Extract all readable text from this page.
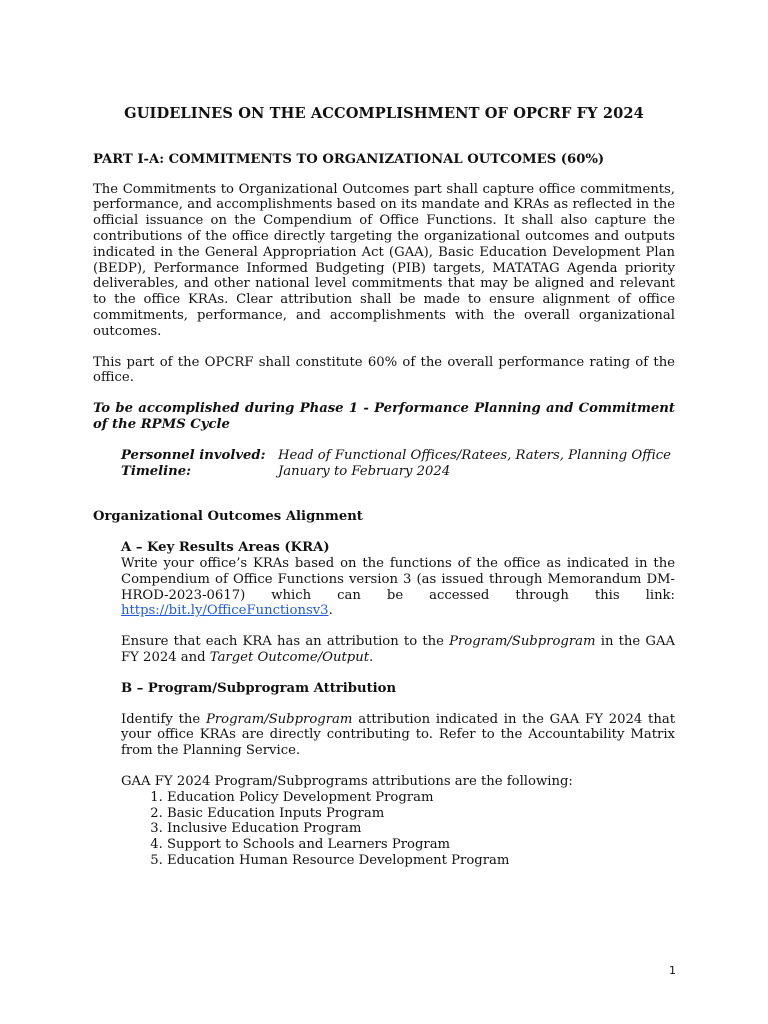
GUIDELINES ON THE ACCOMPLISHMENT OF OPCRF FY 2024
PART I-A: COMMITMENTS TO ORGANIZATIONAL OUTCOMES (60%)

The Commitments to Organizational Outcomes part shall capture office commitments, performance, and accomplishments based on its mandate and KRAs as reflected in the official issuance on the Compendium of Office Functions. It shall also capture the contributions of the office directly targeting the organizational outcomes and outputs indicated in the General Appropriation Act (GAA), Basic Education Development Plan (BEDP), Performance Informed Budgeting (PIB) targets, MATATAG Agenda priority deliverables, and other national level commitments that may be aligned and relevant to the office KRAs. Clear attribution shall be made to ensure alignment of office commitments, performance, and accomplishments with the overall organizational outcomes.

This part of the OPCRF shall constitute 60% of the overall performance rating of the office.

To be accomplished during Phase 1 - Performance Planning and Commitment of the RPMS Cycle

Personnel involved: Head of Functional Offices/Ratees, Raters, Planning Office
Timeline:	January to February 2024

Organizational Outcomes Alignment

A – Key Results Areas (KRA)

Write your office’s KRAs based on the functions of the office as indicated in the Compendium of Office Functions version 3 (as issued through Memorandum DM-HROD-2023-0617) which can be accessed through this link: https://bit.ly/OfficeFunctionsv3.

Ensure that each KRA has an attribution to the Program/Subprogram in the GAA FY 2024 and Target Outcome/Output.

B – Program/Subprogram Attribution

Identify the Program/Subprogram attribution indicated in the GAA FY 2024 that your office KRAs are directly contributing to. Refer to the Accountability Matrix from the Planning Service.

GAA FY 2024 Program/Subprograms attributions are the following:

1. Education Policy Development Program
2. Basic Education Inputs Program
3. Inclusive Education Program
4. Support to Schools and Learners Program
5. Education Human Resource Development Program
1
